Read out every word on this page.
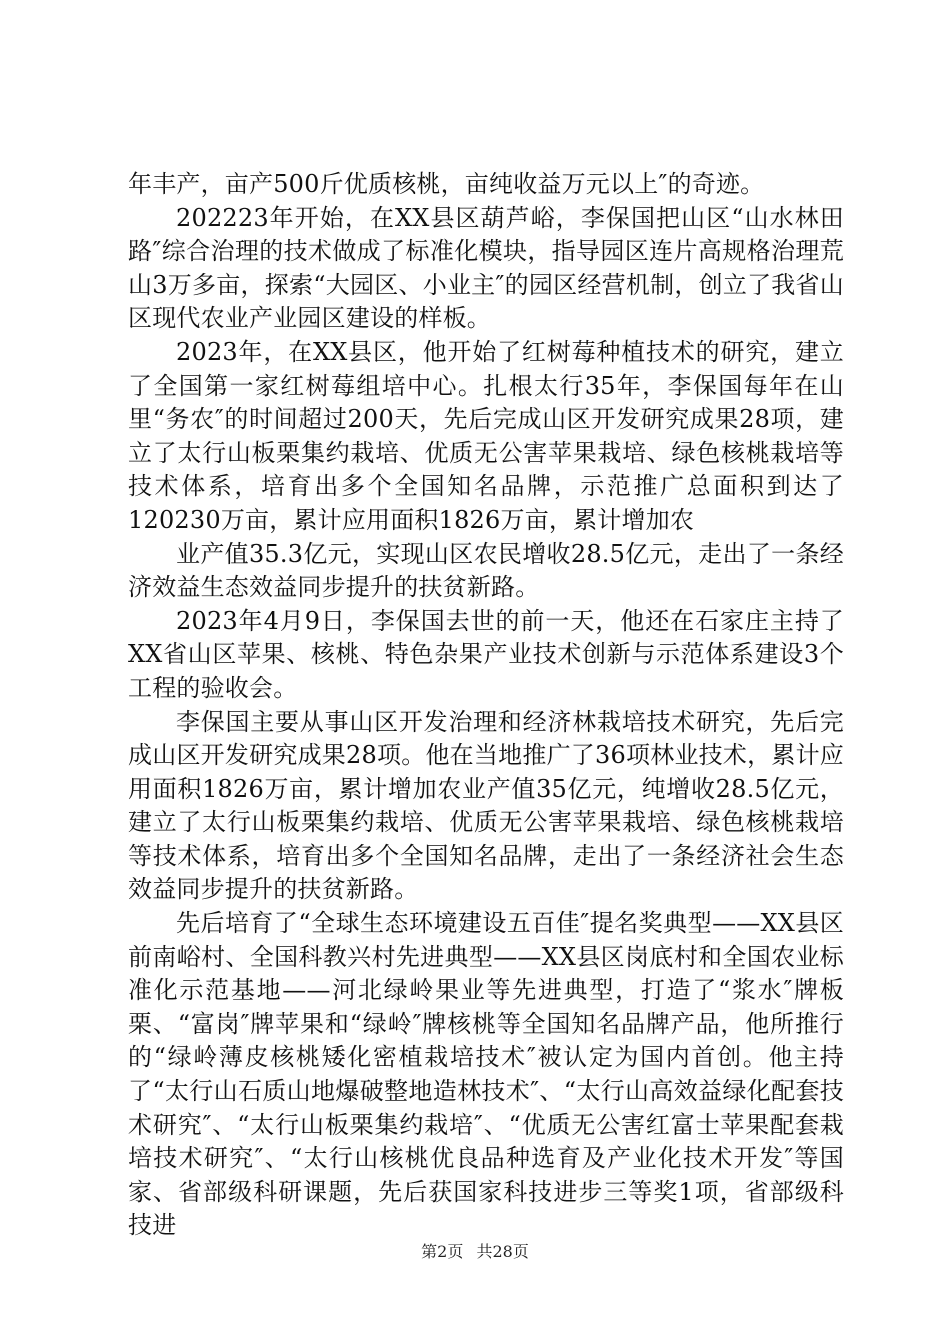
年丰产，亩产500斤优质核桃，亩纯收益万元以上″的奇迹。

202223年开始，在XX县区葫芦峪，李保国把山区“山水林田路″综合治理的技术做成了标准化模块，指导园区连片高规格治理荒山3万多亩，探索“大园区、小业主″的园区经营机制，创立了我省山区现代农业产业园区建设的样板。

2023年，在XX县区，他开始了红树莓种植技术的研究，建立了全国第一家红树莓组培中心。扎根太行35年，李保国每年在山里“务农″的时间超过200天，先后完成山区开发研究成果28项，建立了太行山板栗集约栽培、优质无公害苹果栽培、绿色核桃栽培等技术体系，培育出多个全国知名品牌，示范推广总面积到达了120230万亩，累计应用面积1826万亩，累计增加农

业产值35.3亿元，实现山区农民增收28.5亿元，走出了一条经济效益生态效益同步提升的扶贫新路。

2023年4月9日，李保国去世的前一天，他还在石家庄主持了XX省山区苹果、核桃、特色杂果产业技术创新与示范体系建设3个工程的验收会。

李保国主要从事山区开发治理和经济林栽培技术研究，先后完成山区开发研究成果28项。他在当地推广了36项林业技术，累计应用面积1826万亩，累计增加农业产值35亿元，纯增收28.5亿元，建立了太行山板栗集约栽培、优质无公害苹果栽培、绿色核桃栽培等技术体系，培育出多个全国知名品牌，走出了一条经济社会生态效益同步提升的扶贫新路。

先后培育了“全球生态环境建设五百佳″提名奖典型——XX县区前南峪村、全国科教兴村先进典型——XX县区岗底村和全国农业标准化示范基地——河北绿岭果业等先进典型，打造了“浆水″牌板栗、“富岗″牌苹果和“绿岭″牌核桃等全国知名品牌产品，他所推行的“绿岭薄皮核桃矮化密植栽培技术″被认定为国内首创。他主持了“太行山石质山地爆破整地造林技术″、“太行山高效益绿化配套技术研究″、“太行山板栗集约栽培″、“优质无公害红富士苹果配套栽培技术研究″、“太行山核桃优良品种选育及产业化技术开发″等国家、省部级科研课题，先后获国家科技进步三等奖1项，省部级科技进

第2页 共28页
